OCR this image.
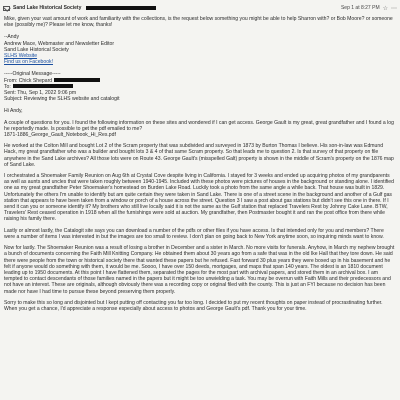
Sand Lake Historical Society	Sep 1 at 8:27 PM ☆ ⋯

Mike, given your vast amount of work and familiarity with the collections, is the request below something you might be able to help Sharron with? or Bob Moore? or someone else (possibly me)? Please let me know, thanks!

--Andy
Andrew Mace, Webmaster and Newsletter Editor
Sand Lake Historical Society
SLHS Website
Find us on Facebook!
-----Original Message-----
From: Chick Shepard
To:
Sent: Thu, Sep 1, 2022 9:06 pm
Subject: Reviewing the SLHS website and catalogit

Hi Andy,

A couple of questions for you. I found the following information on these sites and wondered if I can get access. George Gault is my great, great grandfather and I found a log he reportedly made. Is possible to get the pdf emailed to me?
1871-1886_George_Gault_Notebook_Hi_Res.pdf

He worked at the Colton Mill and bought Lot 2 of the Scram property that was subdivided and surveyed in 1873 by Burton Thomas I believe. His son-in-law was Edmund Hack, my great grandfather who was a builder and bought lots 3 & 4 of that same Scram property. So that leads me to question 2. Is that survey of that property on file anywhere in the Sand Lake archives? All those lots were on Route 43. George Gault's (misspelled Galt) property is shown in the middle of Scram's property on the 1876 map of Sand Lake.

I orchestrated a Shoemaker Family Reunion on Aug 6th at Crystal Cove despite living in California. I stayed for 3 weeks and ended up acquiring photos of my grandparents as well as aunts and uncles that were taken roughly between 1940-1945. Included with these photos were pictures of houses in the background or standing alone. I identified one as my great grandfather Peter Shoemaker's homestead on Burden Lake Road. Luckily took a photo from the same angle a while back. That house was built in 1829. Unfortunately the others I'm unable to identify but am quite certain they were taken in Sand Lake. There is one of a street scene in the background and another of a Gulf gas station that appears to have been taken from a window or porch of a house across the street. Question 3 I saw a post about gas stations but didn't see this one in there. If I send it can you or someone identify it? My brothers who still live locally said it is not the same as the Gulf station that replaced Travelers Rest by Johnny Cake Lane. BTW, Travelers' Rest ceased operation in 1918 when all the furnishings were sold at auction. My grandfather, then Postmaster bought it and ran the post office from there while raising his family there.

Lastly or almost lastly, the Catalogit site says you can download a number of the pdfs or other files if you have access. Is that intended only for you and members? There were a number of items I was interested in but the images are too small to review. I don't plan on going back to New York anytime soon, so inquiring minds want to know.

Now for lastly. The Shoemaker Reunion was a result of losing a brother in December and a sister in March. No more visits for funerals. Anyhow, in March my nephew brought a bunch of documents concerning the Faith Mill Knitting Company. He obtained them about 30 years ago from a safe that was in the old Ike Hall that they tore down. He said there were people from the town or historical society there that wanted these papers but he refused. Fast forward 30 plus years they were boxed up in his basement and he felt if anyone would do something with them, it would be me. Soooo, I have over 150 deeds, mortgages, and maps that span 140 years. The oldest is an 1810 document leading up to 1950 documents. At this point I have flattened them, separated the pages for the most part with archival papers, and stored them in an archival box. I am tempted to contact descendants of those families named in the papers but it might be too unwielding a task. You may be overrun with Faith Mills and their predecessors and not have an interest. These are originals, although obviously there was a recording copy or original filed with the county. This is just an FYI because no decision has been made nor have I had time to pursue these beyond preserving them properly.

Sorry to make this so long and disjointed but I kept putting off contacting you far too long. I decided to put my recent thoughts on paper instead of procrastinating further. When you get a chance, I'd appreciate a response especially about access to photos and George Gault's pdf. Thank you for your time.
